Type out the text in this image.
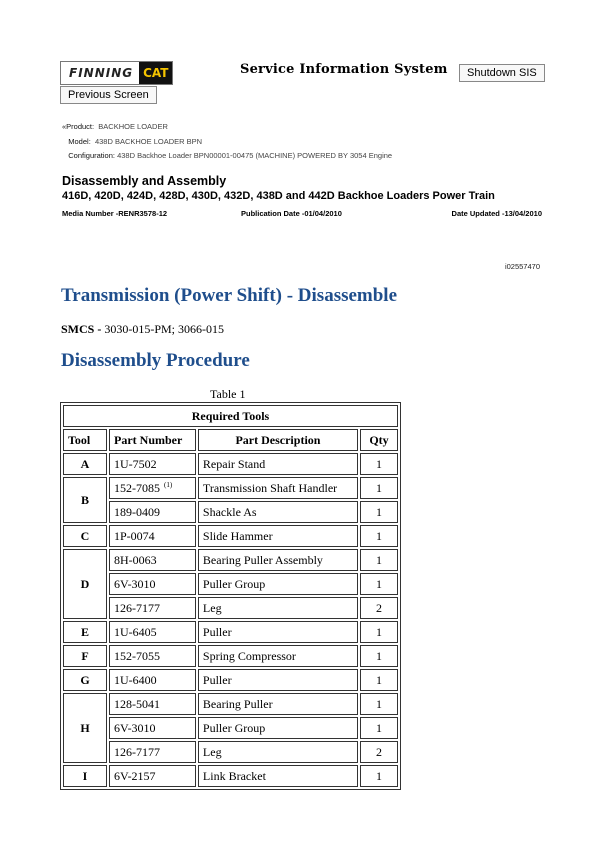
FINNING CAT	Service Information System	Shutdown SIS
Previous Screen
«Product: BACKHOE LOADER
Model: 438D BACKHOE LOADER BPN
Configuration: 438D Backhoe Loader BPN00001-00475 (MACHINE) POWERED BY 3054 Engine
Disassembly and Assembly
416D, 420D, 424D, 428D, 430D, 432D, 438D and 442D Backhoe Loaders Power Train
Media Number -RENR3578-12	Publication Date -01/04/2010	Date Updated -13/04/2010
i02557470
Transmission (Power Shift) - Disassemble
SMCS - 3030-015-PM; 3066-015
Disassembly Procedure
Table 1
Required Tools			
Tool	Part Number	Part Description	Qty
A	1U-7502	Repair Stand	1
B	152-7085 $^{(1)}$	Transmission Shaft Handler	1
	189-0409	Shackle As	1
C	1P-0074	Slide Hammer	1
D	8H-0063	Bearing Puller Assembly	1
	6V-3010	Puller Group	1
	126-7177	Leg	2
E	1U-6405	Puller	1
F	152-7055	Spring Compressor	1
G	1U-6400	Puller	1
H	128-5041	Bearing Puller	1
	6V-3010	Puller Group	1
	126-7177	Leg	2
I	6V-2157	Link Bracket	1
